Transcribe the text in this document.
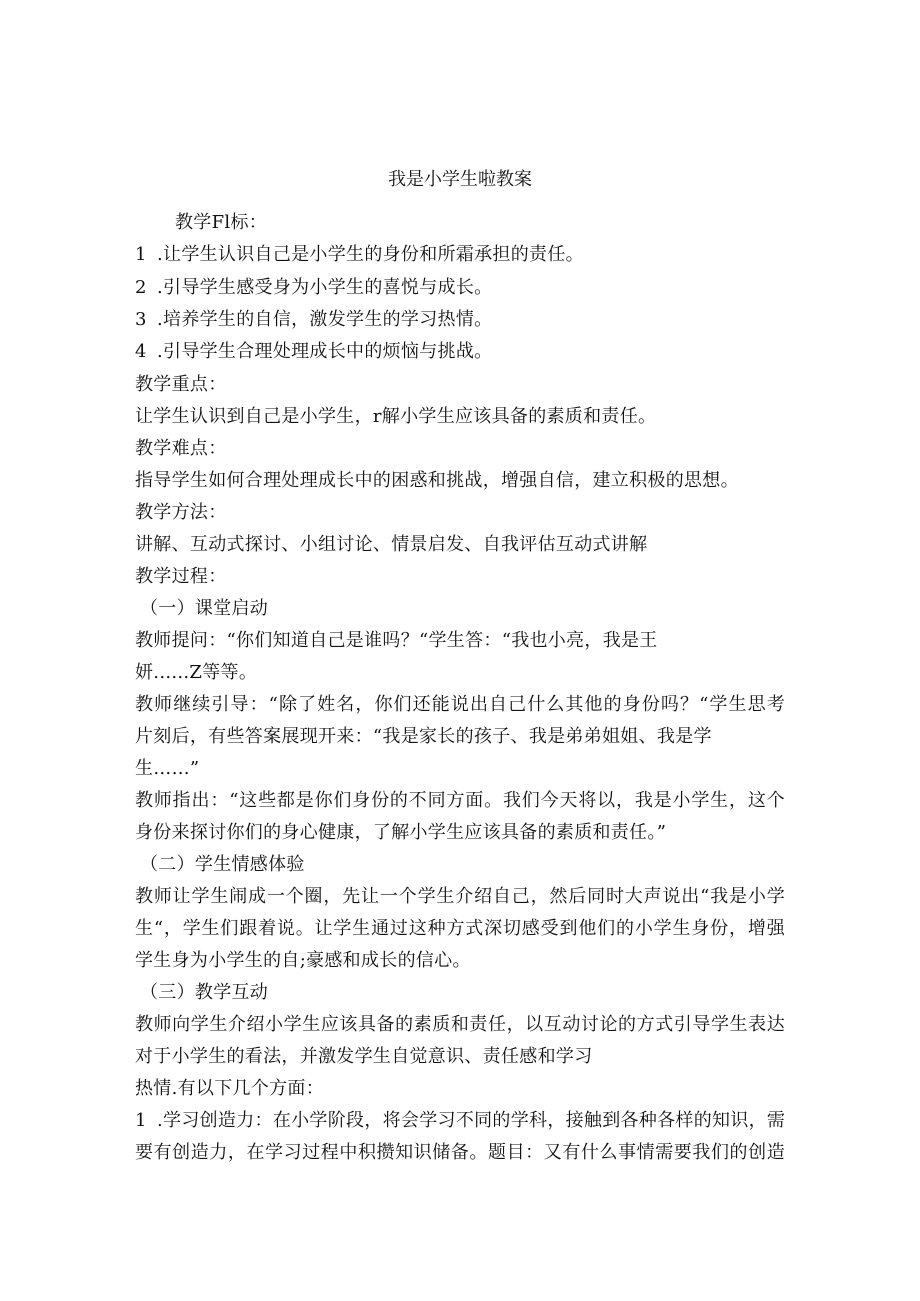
我是小学生啦教案
教学Fl标：
1 .让学生认识自己是小学生的身份和所霜承担的责任。
2 .引导学生感受身为小学生的喜悦与成长。
3 .培养学生的自信，激发学生的学习热情。
4 .引导学生合理处理成长中的烦恼与挑战。
教学重点：
让学生认识到自己是小学生，r解小学生应该具备的素质和责任。
教学难点：
指导学生如何合理处理成长中的困惑和挑战，增强自信，建立积极的思想。
教学方法：
讲解、互动式探讨、小组讨论、情景启发、自我评估互动式讲解
教学过程：
（一）课堂启动
教师提问：“你们知道自己是谁吗？“学生答：“我也小亮，我是王
妍......Z等等。
教师继续引导：“除了姓名，你们还能说出自己什么其他的身份吗？“学生思考
片刻后，有些答案展现开来：“我是家长的孩子、我是弟弟姐姐、我是学
生……”
教师指出：“这些都是你们身份的不同方面。我们今天将以，我是小学生，这个
身份来探讨你们的身心健康，了解小学生应该具备的素质和责任。”
（二）学生情感体验
教师让学生闹成一个圈，先让一个学生介绍自己，然后同时大声说出“我是小学
生“，学生们跟着说。让学生通过这种方式深切感受到他们的小学生身份，增强
学生身为小学生的自;豪感和成长的信心。
（三）教学互动
教师向学生介绍小学生应该具备的素质和责任，以互动讨论的方式引导学生表达
对于小学生的看法，并激发学生自觉意识、责任感和学习
热情.有以下几个方面：
1 .学习创造力：在小学阶段，将会学习不同的学科，接触到各种各样的知识，需
要有创造力，在学习过程中积攒知识储备。题目：又有什么事情需要我们的创造
